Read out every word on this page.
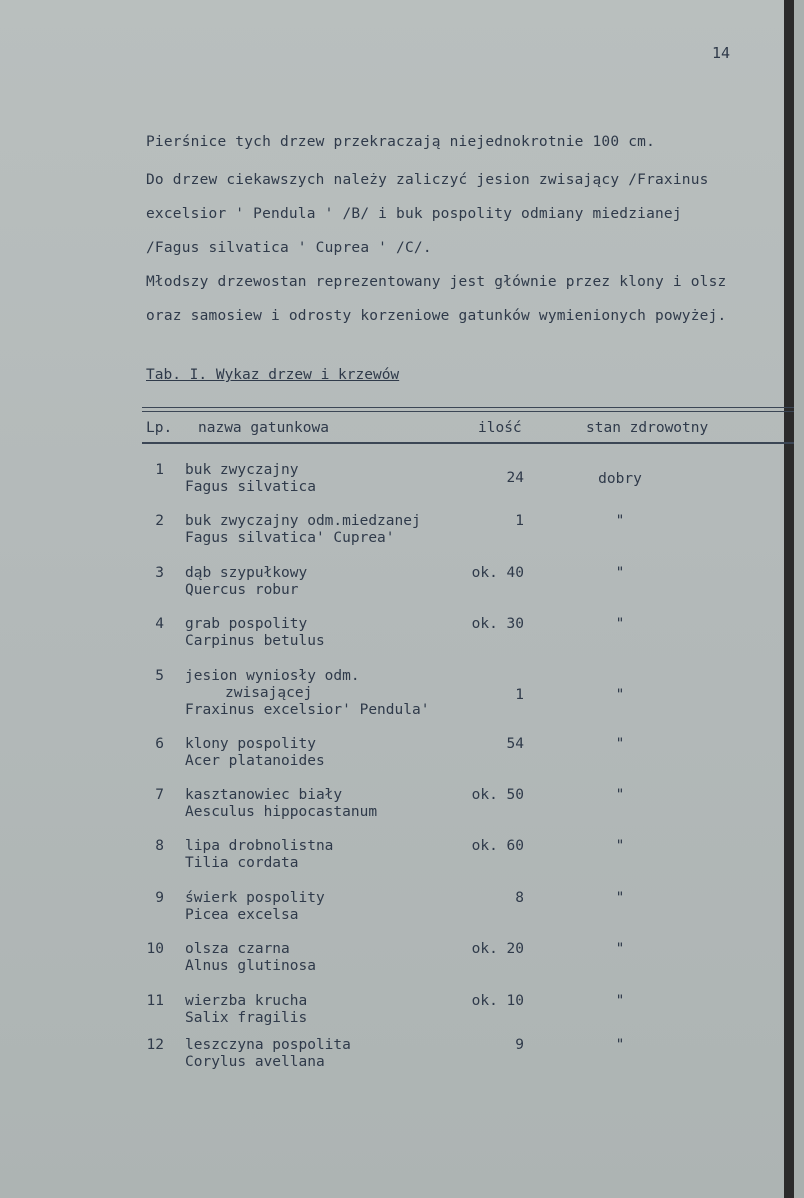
14
Pierśnice tych drzew przekraczają niejednokrotnie 100 cm.
Do drzew ciekawszych należy zaliczyć jesion zwisający /Fraxinus
excelsior ' Pendula ' /B/ i buk pospolity odmiany miedzianej
/Fagus silvatica ' Cuprea ' /C/.
Młodszy drzewostan reprezentowany jest głównie przez klony i olsz
oraz samosiew i odrosty korzeniowe gatunków wymienionych powyżej.
Tab. I. Wykaz drzew i krzewów
Lp. nazwa gatunkowa	ilość	stan zdrowotny
1 buk zwyczajny
Fagus silvatica
24	dobry
2 buk zwyczajny odm.miedzanej
Fagus silvatica' Cuprea'
1	"
3 dąb szypułkowy
Quercus robur
ok. 40	"
4 grab pospolity
Carpinus betulus
ok. 30	"
5 jesion wyniosły odm.
zwisającej
Fraxinus excelsior' Pendula'
1	"
6 klony pospolity
Acer platanoides
54	"
7 kasztanowiec biały
Aesculus hippocastanum
ok. 50	"
8 lipa drobnolistna
Tilia cordata
ok. 60	"
9 świerk pospolity
Picea excelsa
8	"
10 olsza czarna
Alnus glutinosa
ok. 20	"
11 wierzba krucha
Salix fragilis
ok. 10	"
12 leszczyna pospolita
Corylus avellana
9	"
